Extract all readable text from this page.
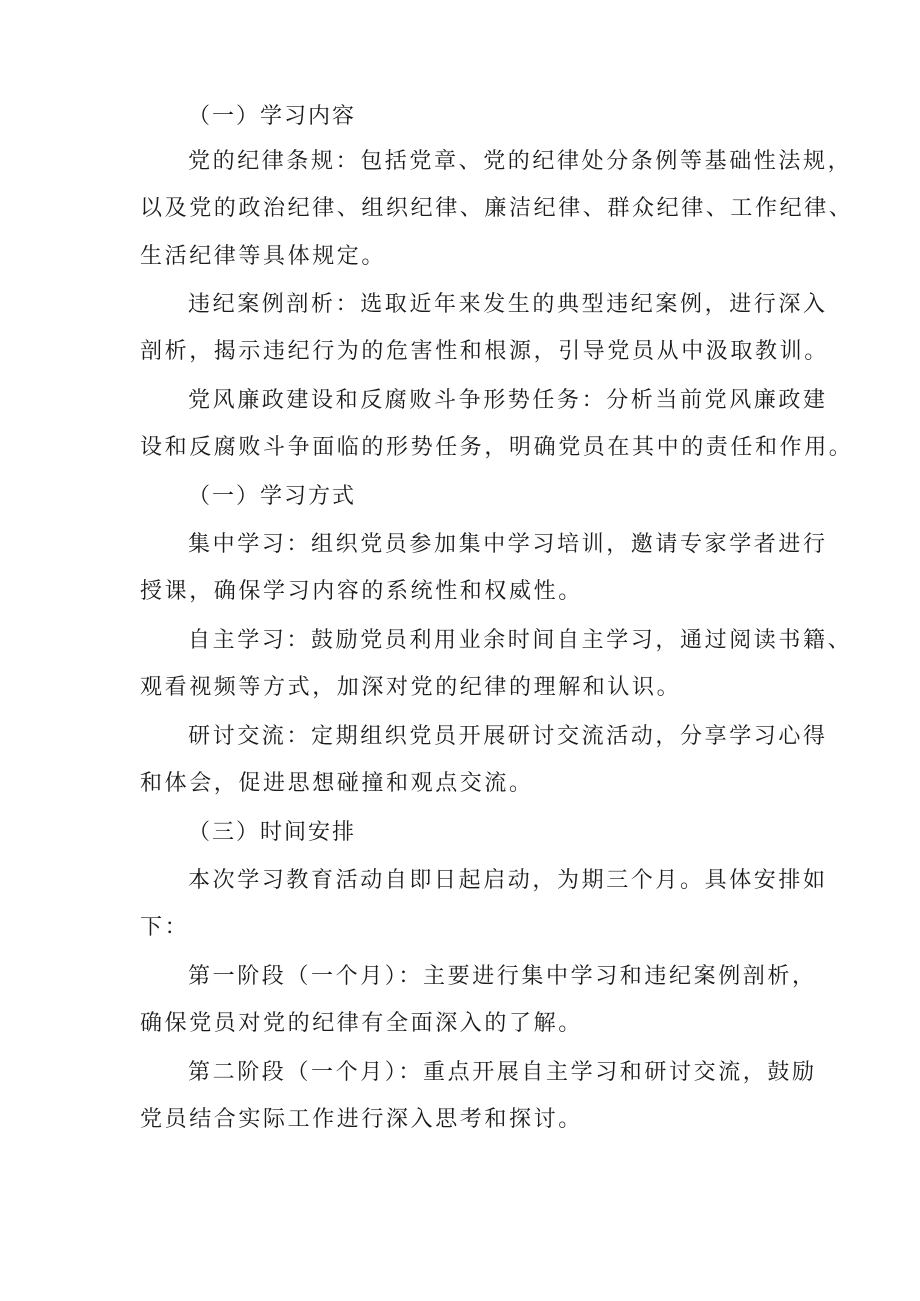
（一）学习内容
党的纪律条规：包括党章、党的纪律处分条例等基础性法规，
以及党的政治纪律、组织纪律、廉洁纪律、群众纪律、工作纪律、
生活纪律等具体规定。
违纪案例剖析：选取近年来发生的典型违纪案例，进行深入
剖析，揭示违纪行为的危害性和根源，引导党员从中汲取教训。
党风廉政建设和反腐败斗争形势任务：分析当前党风廉政建
设和反腐败斗争面临的形势任务，明确党员在其中的责任和作用。
（一）学习方式
集中学习：组织党员参加集中学习培训，邀请专家学者进行
授课，确保学习内容的系统性和权威性。
自主学习：鼓励党员利用业余时间自主学习，通过阅读书籍、
观看视频等方式，加深对党的纪律的理解和认识。
研讨交流：定期组织党员开展研讨交流活动，分享学习心得
和体会，促进思想碰撞和观点交流。
（三）时间安排
本次学习教育活动自即日起启动，为期三个月。具体安排如
下：
第一阶段（一个月）：主要进行集中学习和违纪案例剖析，
确保党员对党的纪律有全面深入的了解。
第二阶段（一个月）：重点开展自主学习和研讨交流，鼓励
党员结合实际工作进行深入思考和探讨。
